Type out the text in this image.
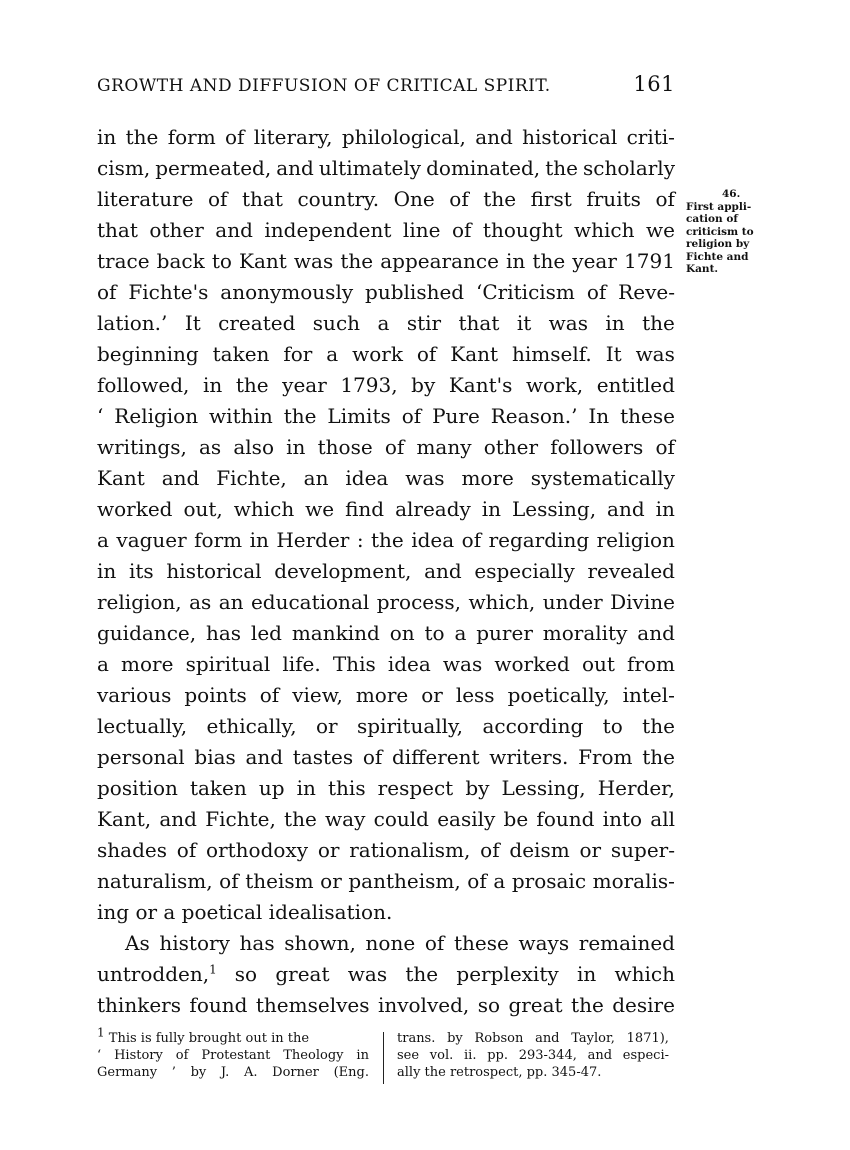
GROWTH AND DIFFUSION OF CRITICAL SPIRIT.	161
in the form of literary, philological, and historical criti-
cism, permeated, and ultimately dominated, the scholarly
literature of that country. One of the first fruits of
that other and independent line of thought which we
trace back to Kant was the appearance in the year 1791
of Fichte's anonymously published ‘Criticism of Reve-
lation.’ It created such a stir that it was in the
beginning taken for a work of Kant himself. It was
followed, in the year 1793, by Kant's work, entitled
‘ Religion within the Limits of Pure Reason.’ In these
writings, as also in those of many other followers of
Kant and Fichte, an idea was more systematically
worked out, which we find already in Lessing, and in
a vaguer form in Herder : the idea of regarding religion
in its historical development, and especially revealed
religion, as an educational process, which, under Divine
guidance, has led mankind on to a purer morality and
a more spiritual life. This idea was worked out from
various points of view, more or less poetically, intel-
lectually, ethically, or spiritually, according to the
personal bias and tastes of different writers. From the
position taken up in this respect by Lessing, Herder,
Kant, and Fichte, the way could easily be found into all
shades of orthodoxy or rationalism, of deism or super-
naturalism, of theism or pantheism, of a prosaic moralis-
ing or a poetical idealisation.
As history has shown, none of these ways remained
untrodden,$^1$ so great was the perplexity in which
thinkers found themselves involved, so great the desire
46.
First appli-
cation of
criticism to
religion by
Fichte and
Kant.
$^1$ This is fully brought out in the
‘ History of Protestant Theology in
Germany ’ by J. A. Dorner (Eng.
trans. by Robson and Taylor, 1871),
see vol. ii. pp. 293-344, and especi-
ally the retrospect, pp. 345-47.
